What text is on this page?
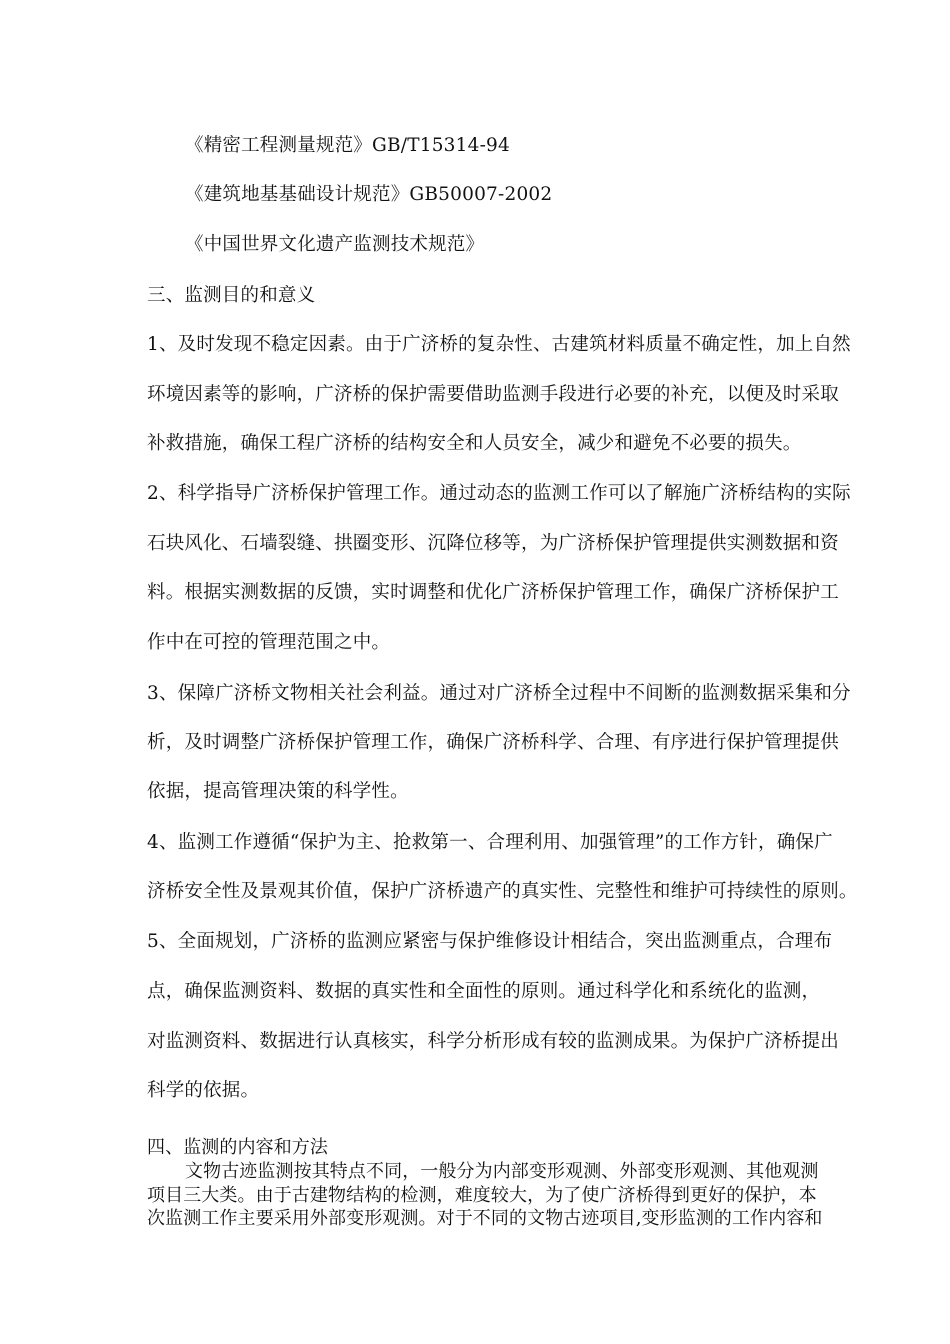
《精密工程测量规范》GB/T15314-94
《建筑地基基础设计规范》GB50007-2002
《中国世界文化遗产监测技术规范》
三、监测目的和意义
1、及时发现不稳定因素。由于广济桥的复杂性、古建筑材料质量不确定性，加上自然
环境因素等的影响，广济桥的保护需要借助监测手段进行必要的补充，以便及时采取
补救措施，确保工程广济桥的结构安全和人员安全，减少和避免不必要的损失。
2、科学指导广济桥保护管理工作。通过动态的监测工作可以了解施广济桥结构的实际
石块风化、石墙裂缝、拱圈变形、沉降位移等，为广济桥保护管理提供实测数据和资
料。根据实测数据的反馈，实时调整和优化广济桥保护管理工作，确保广济桥保护工
作中在可控的管理范围之中。
3、保障广济桥文物相关社会利益。通过对广济桥全过程中不间断的监测数据采集和分
析，及时调整广济桥保护管理工作，确保广济桥科学、合理、有序进行保护管理提供
依据，提高管理决策的科学性。
4、监测工作遵循“保护为主、抢救第一、合理利用、加强管理”的工作方针，确保广
济桥安全性及景观其价值，保护广济桥遗产的真实性、完整性和维护可持续性的原则。
5、全面规划，广济桥的监测应紧密与保护维修设计相结合，突出监测重点，合理布
点，确保监测资料、数据的真实性和全面性的原则。通过科学化和系统化的监测，
对监测资料、数据进行认真核实，科学分析形成有较的监测成果。为保护广济桥提出
科学的依据。
四、监测的内容和方法
文物古迹监测按其特点不同，一般分为内部变形观测、外部变形观测、其他观测
项目三大类。由于古建物结构的检测，难度较大，为了使广济桥得到更好的保护，本
次监测工作主要采用外部变形观测。对于不同的文物古迹项目,变形监测的工作内容和
